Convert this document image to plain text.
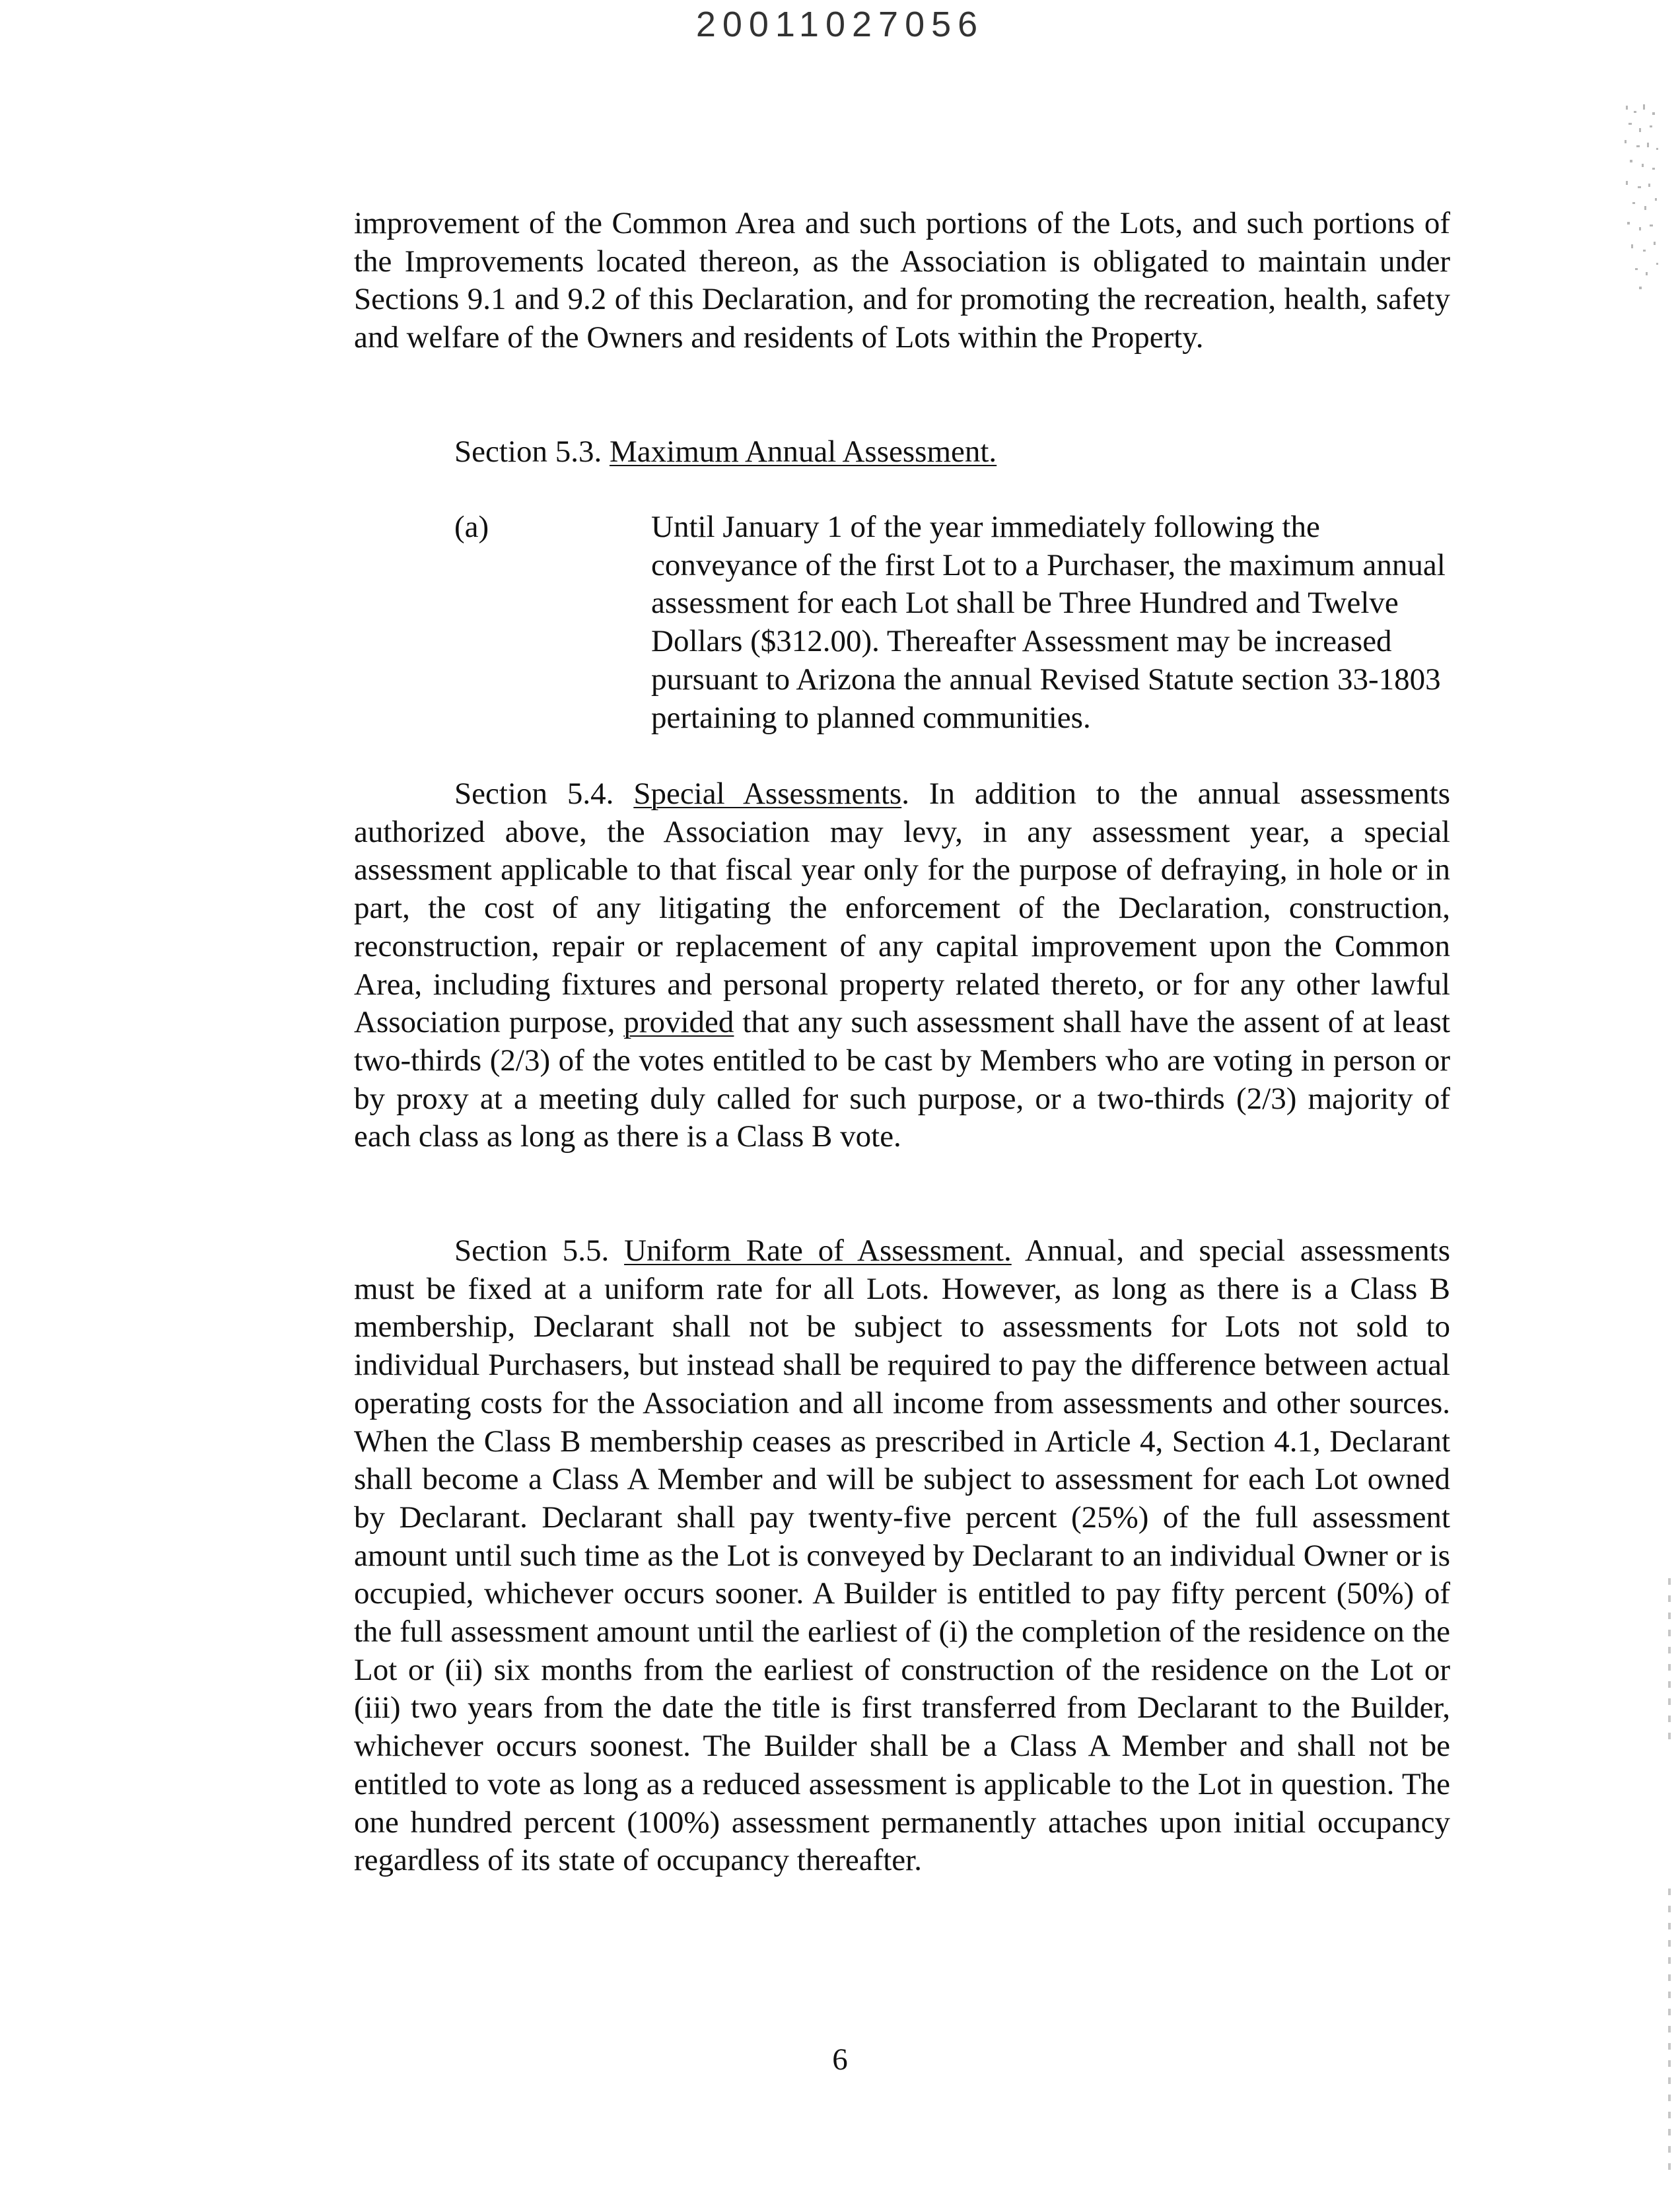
20011027056

improvement of the Common Area and such portions of the Lots, and such portions of the Improvements located thereon, as the Association is obligated to maintain under Sections 9.1 and 9.2 of this Declaration, and for promoting the recreation, health, safety and welfare of the Owners and residents of Lots within the Property.

Section 5.3. Maximum Annual Assessment.

(a)	Until January 1 of the year immediately following the conveyance of the first Lot to a Purchaser, the maximum annual assessment for each Lot shall be Three Hundred and Twelve Dollars ($312.00). Thereafter Assessment may be increased pursuant to Arizona the annual Revised Statute section 33-1803 pertaining to planned communities.

Section 5.4. Special Assessments. In addition to the annual assessments authorized above, the Association may levy, in any assessment year, a special assessment applicable to that fiscal year only for the purpose of defraying, in hole or in part, the cost of any litigating the enforcement of the Declaration, construction, reconstruction, repair or replacement of any capital improvement upon the Common Area, including fixtures and personal property related thereto, or for any other lawful Association purpose, provided that any such assessment shall have the assent of at least two-thirds (2/3) of the votes entitled to be cast by Members who are voting in person or by proxy at a meeting duly called for such purpose, or a two-thirds (2/3) majority of each class as long as there is a Class B vote.

Section 5.5. Uniform Rate of Assessment. Annual, and special assessments must be fixed at a uniform rate for all Lots. However, as long as there is a Class B membership, Declarant shall not be subject to assessments for Lots not sold to individual Purchasers, but instead shall be required to pay the difference between actual operating costs for the Association and all income from assessments and other sources. When the Class B membership ceases as prescribed in Article 4, Section 4.1, Declarant shall become a Class A Member and will be subject to assessment for each Lot owned by Declarant. Declarant shall pay twenty-five percent (25%) of the full assessment amount until such time as the Lot is conveyed by Declarant to an individual Owner or is occupied, whichever occurs sooner. A Builder is entitled to pay fifty percent (50%) of the full assessment amount until the earliest of (i) the completion of the residence on the Lot or (ii) six months from the earliest of construction of the residence on the Lot or (iii) two years from the date the title is first transferred from Declarant to the Builder, whichever occurs soonest. The Builder shall be a Class A Member and shall not be entitled to vote as long as a reduced assessment is applicable to the Lot in question. The one hundred percent (100%) assessment permanently attaches upon initial occupancy regardless of its state of occupancy thereafter.

6
